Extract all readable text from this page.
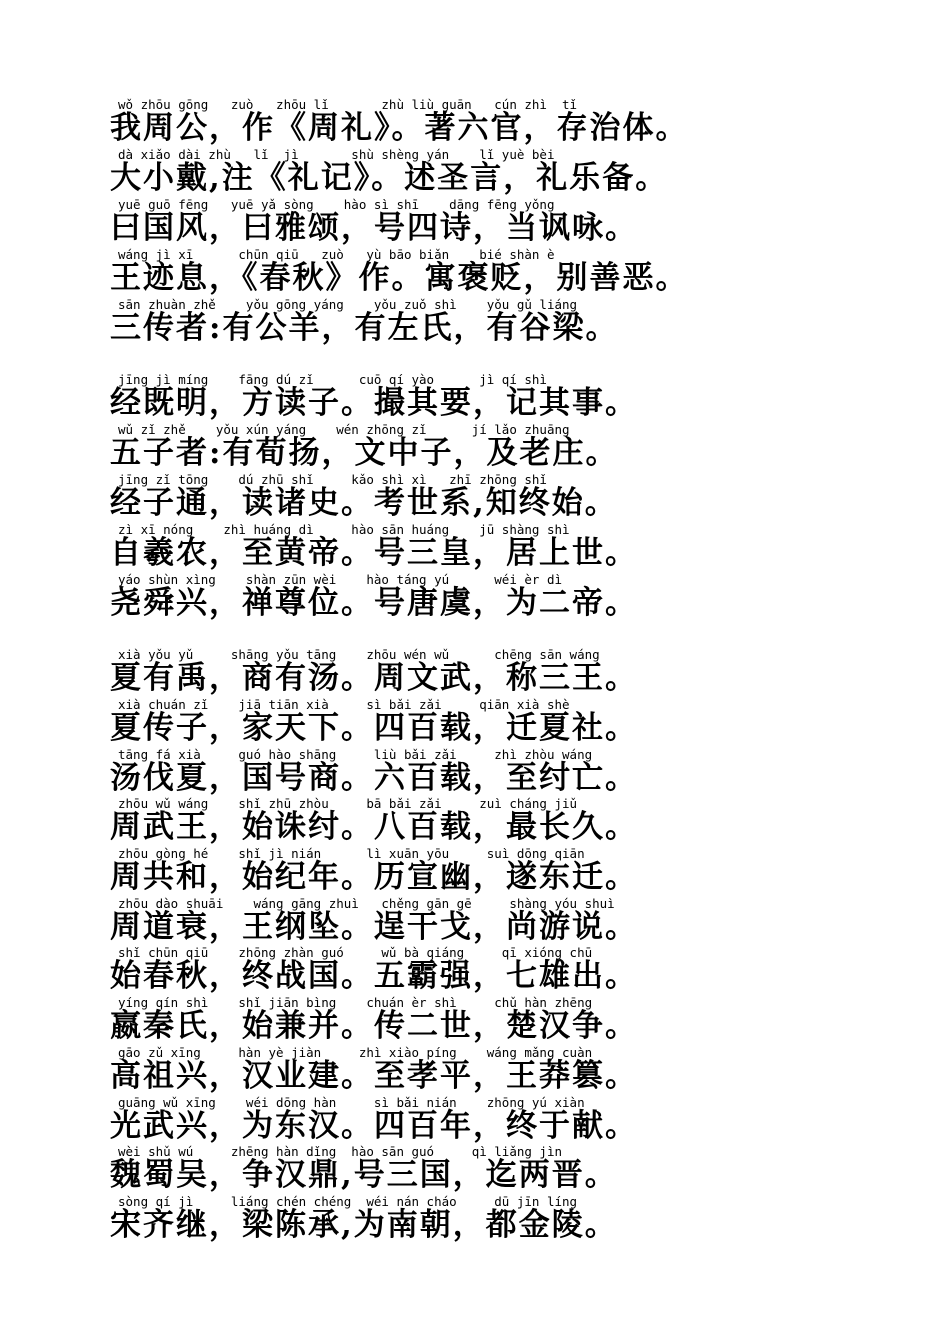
wǒ zhōu gōng   zuò   zhōu lǐ       zhù liù guān   cún zhì  tǐ
我周公，作《周礼》。著六官，存治体。
dà xiǎo dài zhù   lǐ  jì       shù shèng yán    lǐ yuè bèi
大小戴,注《礼记》。述圣言，礼乐备。
yuē guō fēng   yuē yǎ sòng    hào sì shī    dāng fēng yǒng
曰国风，曰雅颂，号四诗，当讽咏。
wáng jì xī      chūn qiū   zuò   yù bāo biǎn    bié shàn è
王迹息，《春秋》作。寓褒贬，别善恶。
sān zhuàn zhě    yǒu gōng yáng    yǒu zuǒ shì    yǒu gǔ liáng
三传者:有公羊，有左氏，有谷梁。
jīng jì míng    fāng dú zǐ      cuō qí yào      jì qí shì
经既明，方读子。撮其要，记其事。
wǔ zǐ zhě    yǒu xún yáng    wén zhōng zǐ      jí lǎo zhuāng
五子者:有荀扬，文中子，及老庄。
jīng zǐ tōng    dú zhū shǐ     kǎo shì xì   zhī zhōng shǐ
经子通，读诸史。考世系,知终始。
zì xī nóng    zhì huáng dì     hào sān huáng    jū shàng shì
自羲农，至黄帝。号三皇，居上世。
yáo shùn xìng    shàn zūn wèi    hào táng yú      wéi èr dì
尧舜兴，禅尊位。号唐虞，为二帝。
xià yǒu yǔ     shāng yǒu tāng    zhōu wén wǔ      chēng sān wáng
夏有禹，商有汤。周文武，称三王。
xià chuán zǐ    jiā tiān xià     sì bǎi zǎi     qiān xià shè
夏传子，家天下。四百载，迁夏社。
tāng fá xià     guó hào shāng     liù bǎi zǎi     zhì zhòu wáng
汤伐夏，国号商。六百载，至纣亡。
zhōu wǔ wáng    shǐ zhū zhòu     bā bǎi zǎi     zuì cháng jiǔ
周武王，始诛纣。八百载，最长久。
zhōu gòng hé    shǐ jì nián      lì xuān yōu     suì dōng qiān
周共和，始纪年。历宣幽，遂东迁。
zhōu dào shuāi    wáng gāng zhuì   chěng gān gē     shàng yóu shuì
周道衰，王纲坠。逞干戈，尚游说。
shǐ chūn qiū    zhōng zhàn guó     wǔ bà qiáng     qī xióng chū
始春秋，终战国。五霸强，七雄出。
yíng qín shì    shǐ jiān bìng    chuán èr shì     chǔ hàn zhēng
嬴秦氏，始兼并。传二世，楚汉争。
gāo zǔ xīng     hàn yè jiàn     zhì xiào píng    wáng mǎng cuàn
高祖兴，汉业建。至孝平，王莽篡。
guāng wǔ xīng    wéi dōng hàn     sì bǎi nián    zhōng yú xiàn
光武兴，为东汉。四百年，终于献。
wèi shǔ wú     zhēng hàn dǐng  hào sān guó     qì liǎng jìn
魏蜀吴，争汉鼎,号三国，迄两晋。
sòng qí jì     liáng chén chéng  wéi nán cháo     dū jīn líng
宋齐继，梁陈承,为南朝，都金陵。
